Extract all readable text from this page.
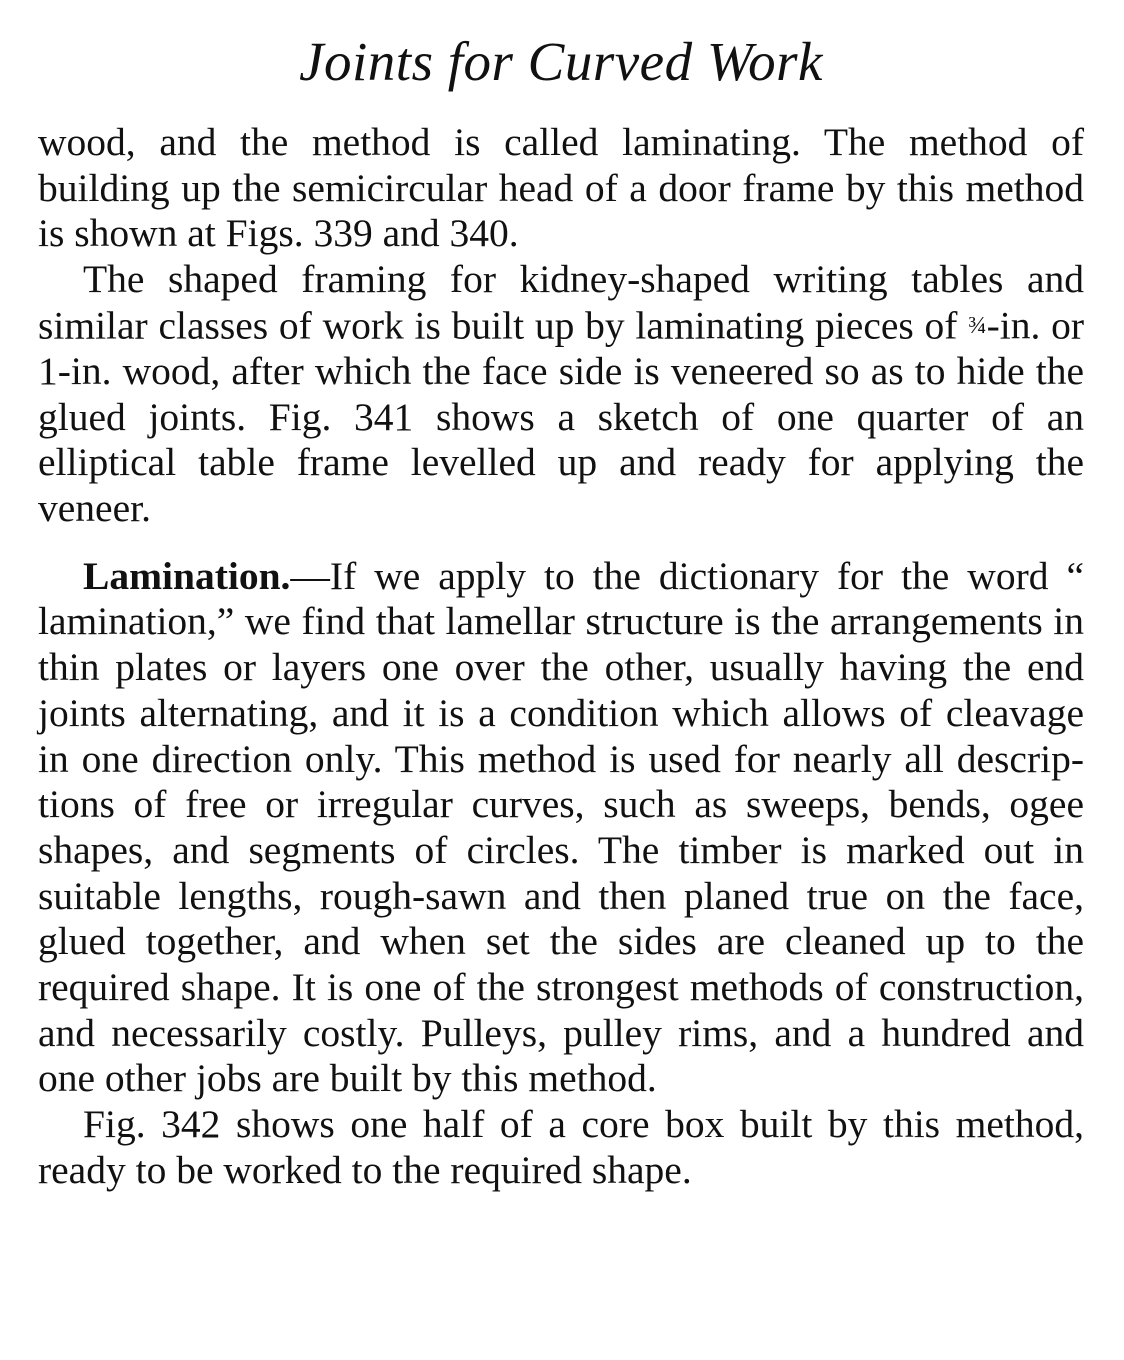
Joints for Curved Work

wood, and the method is called laminating. The method of building up the semicircular head of a door frame by this method is shown at Figs. 339 and 340.

The shaped framing for kidney-shaped writing tables and similar classes of work is built up by laminating pieces of ¾-in. or 1-in. wood, after which the face side is veneered so as to hide the glued joints. Fig. 341 shows a sketch of one quarter of an elliptical table frame levelled up and ready for applying the veneer.

Lamination.—If we apply to the dictionary for the word “ lamination,” we find that lamellar structure is the arrangements in thin plates or layers one over the other, usually having the end joints alternating, and it is a condition which allows of cleavage in one direction only. This method is used for nearly all descriptions of free or irregular curves, such as sweeps, bends, ogee shapes, and segments of circles. The timber is marked out in suitable lengths, rough-sawn and then planed true on the face, glued together, and when set the sides are cleaned up to the required shape. It is one of the strongest methods of construction, and necessarily costly. Pulleys, pulley rims, and a hundred and one other jobs are built by this method.

Fig. 342 shows one half of a core box built by this method, ready to be worked to the required shape.
